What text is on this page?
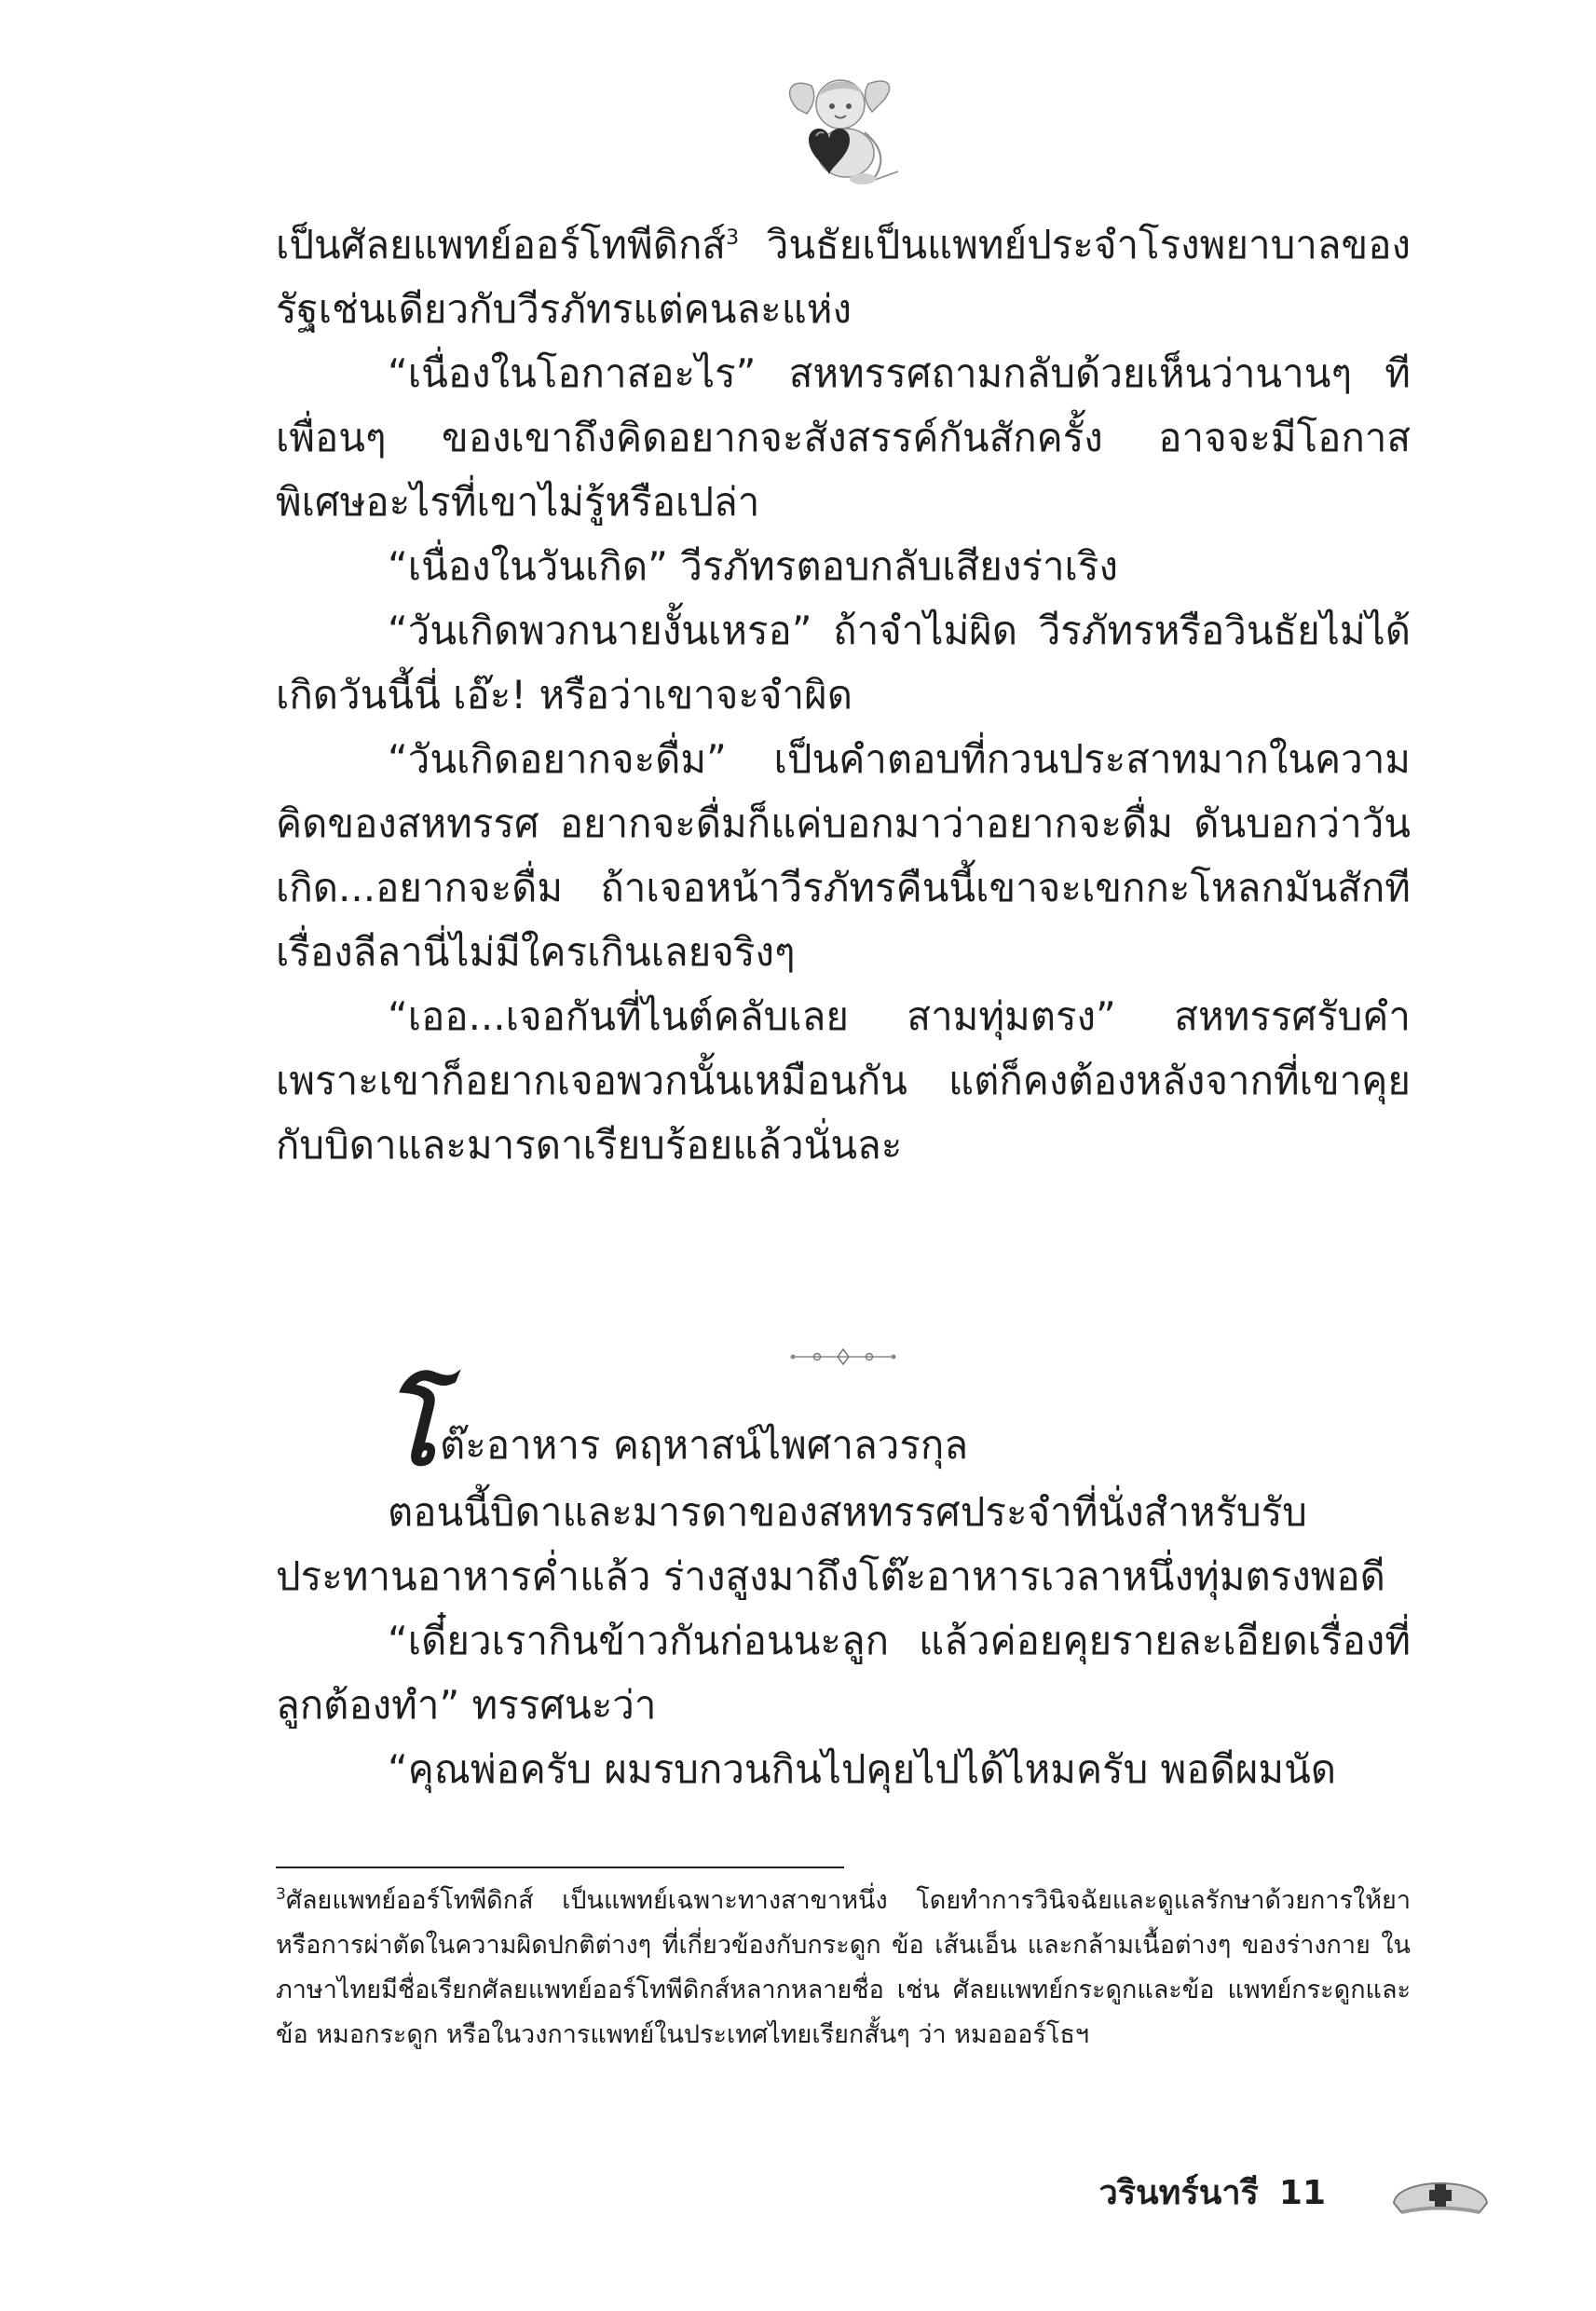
เป็นศัลยแพทย์ออร์โทพีดิกส์$^3$ วินธัยเป็นแพทย์ประจำโรงพยาบาลของรัฐเช่นเดียวกับวีรภัทรแต่คนละแห่ง

“เนื่องในโอกาสอะไร” สหทรรศถามกลับด้วยเห็นว่านานๆ ทีเพื่อนๆ ของเขาถึงคิดอยากจะสังสรรค์กันสักครั้ง อาจจะมีโอกาสพิเศษอะไรที่เขาไม่รู้หรือเปล่า

“เนื่องในวันเกิด” วีรภัทรตอบกลับเสียงร่าเริง

“วันเกิดพวกนายงั้นเหรอ” ถ้าจำไม่ผิด วีรภัทรหรือวินธัยไม่ได้เกิดวันนี้นี่ เอ๊ะ! หรือว่าเขาจะจำผิด

“วันเกิดอยากจะดื่ม” เป็นคำตอบที่กวนประสาทมากในความคิดของสหทรรศ อยากจะดื่มก็แค่บอกมาว่าอยากจะดื่ม ดันบอกว่าวันเกิด...อยากจะดื่ม ถ้าเจอหน้าวีรภัทรคืนนี้เขาจะเขกกะโหลกมันสักที เรื่องลีลานี่ไม่มีใครเกินเลยจริงๆ

“เออ...เจอกันที่ไนต์คลับเลย สามทุ่มตรง” สหทรรศรับคำเพราะเขาก็อยากเจอพวกนั้นเหมือนกัน แต่ก็คงต้องหลังจากที่เขาคุยกับบิดาและมารดาเรียบร้อยแล้วนั่นละ

โ ต๊ะอาหาร คฤหาสน์ไพศาลวรกุล

ตอนนี้บิดาและมารดาของสหทรรศประจำที่นั่งสำหรับรับประทานอาหารค่ำแล้ว ร่างสูงมาถึงโต๊ะอาหารเวลาหนึ่งทุ่มตรงพอดี

“เดี๋ยวเรากินข้าวกันก่อนนะลูก แล้วค่อยคุยรายละเอียดเรื่องที่ลูกต้องทำ” ทรรศนะว่า

“คุณพ่อครับ ผมรบกวนกินไปคุยไปได้ไหมครับ พอดีผมนัด

$^3$ศัลยแพทย์ออร์โทพีดิกส์ เป็นแพทย์เฉพาะทางสาขาหนึ่ง โดยทำการวินิจฉัยและดูแลรักษาด้วยการให้ยาหรือการผ่าตัดในความผิดปกติต่างๆ ที่เกี่ยวข้องกับกระดูก ข้อ เส้นเอ็น และกล้ามเนื้อต่างๆ ของร่างกาย ในภาษาไทยมีชื่อเรียกศัลยแพทย์ออร์โทพีดิกส์หลากหลายชื่อ เช่น ศัลยแพทย์กระดูกและข้อ แพทย์กระดูกและข้อ หมอกระดูก หรือในวงการแพทย์ในประเทศไทยเรียกสั้นๆ ว่า หมอออร์โธฯ
วรินทร์นารี 11
